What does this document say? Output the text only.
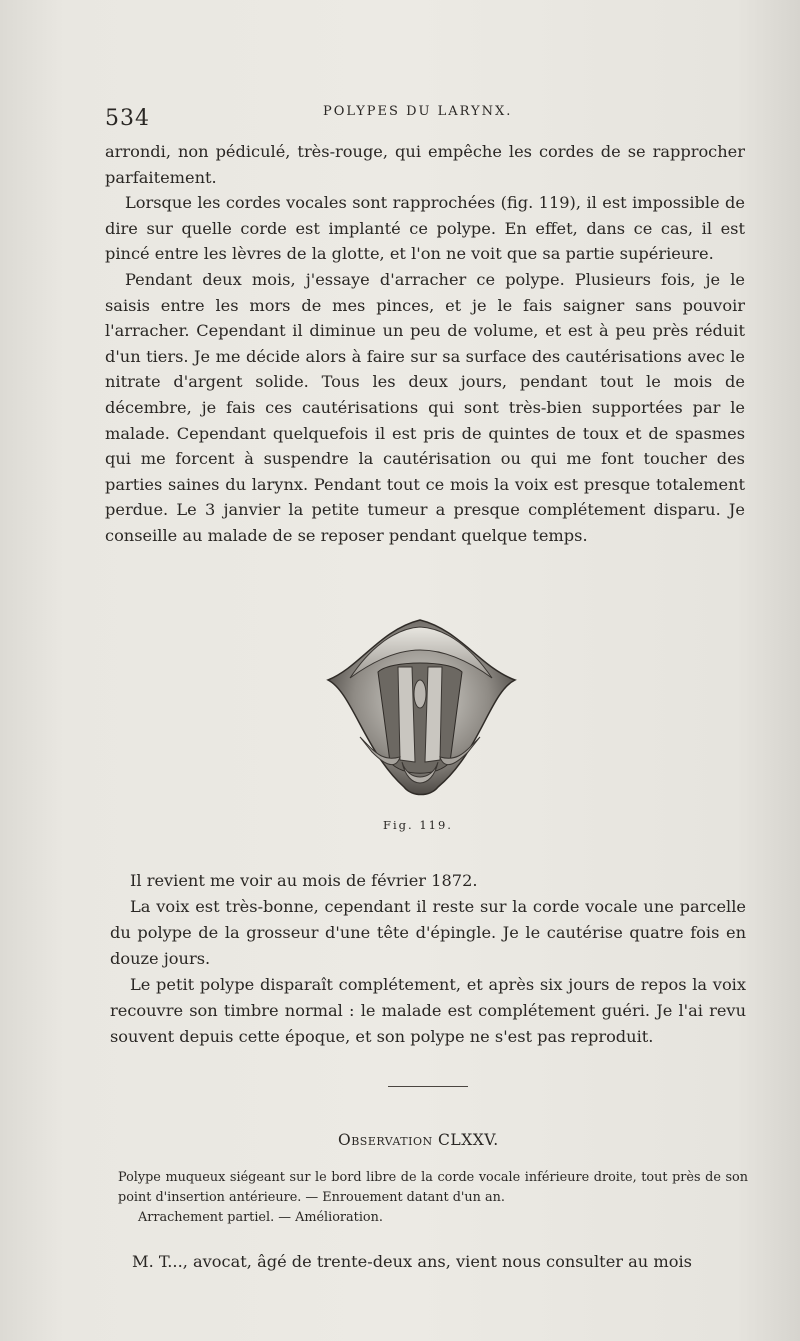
534	POLYPES DU LARYNX.

arrondi, non pédiculé, très-rouge, qui empêche les cordes de se rapprocher parfaitement.

Lorsque les cordes vocales sont rapprochées (fig. 119), il est impossible de dire sur quelle corde est implanté ce polype. En effet, dans ce cas, il est pincé entre les lèvres de la glotte, et l'on ne voit que sa partie supérieure.

Pendant deux mois, j'essaye d'arracher ce polype. Plusieurs fois, je le saisis entre les mors de mes pinces, et je le fais saigner sans pouvoir l'arracher. Cependant il diminue un peu de volume, et est à peu près réduit d'un tiers. Je me décide alors à faire sur sa surface des cautérisations avec le nitrate d'argent solide. Tous les deux jours, pendant tout le mois de décembre, je fais ces cautérisations qui sont très-bien supportées par le malade. Cependant quelquefois il est pris de quintes de toux et de spasmes qui me forcent à suspendre la cautérisation ou qui me font toucher des parties saines du larynx. Pendant tout ce mois la voix est presque totalement perdue. Le 3 janvier la petite tumeur a presque complétement disparu. Je conseille au malade de se reposer pendant quelque temps.

Fig. 119.

Il revient me voir au mois de février 1872.

La voix est très-bonne, cependant il reste sur la corde vocale une parcelle du polype de la grosseur d'une tête d'épingle. Je le cautérise quatre fois en douze jours.

Le petit polype disparaît complétement, et après six jours de repos la voix recouvre son timbre normal : le malade est complétement guéri. Je l'ai revu souvent depuis cette époque, et son polype ne s'est pas reproduit.

Observation CLXXV.
Polype muqueux siégeant sur le bord libre de la corde vocale inférieure droite, tout près de son point d'insertion antérieure. — Enrouement datant d'un an.
Arrachement partiel. — Amélioration.

M. T..., avocat, âgé de trente-deux ans, vient nous consulter au mois
